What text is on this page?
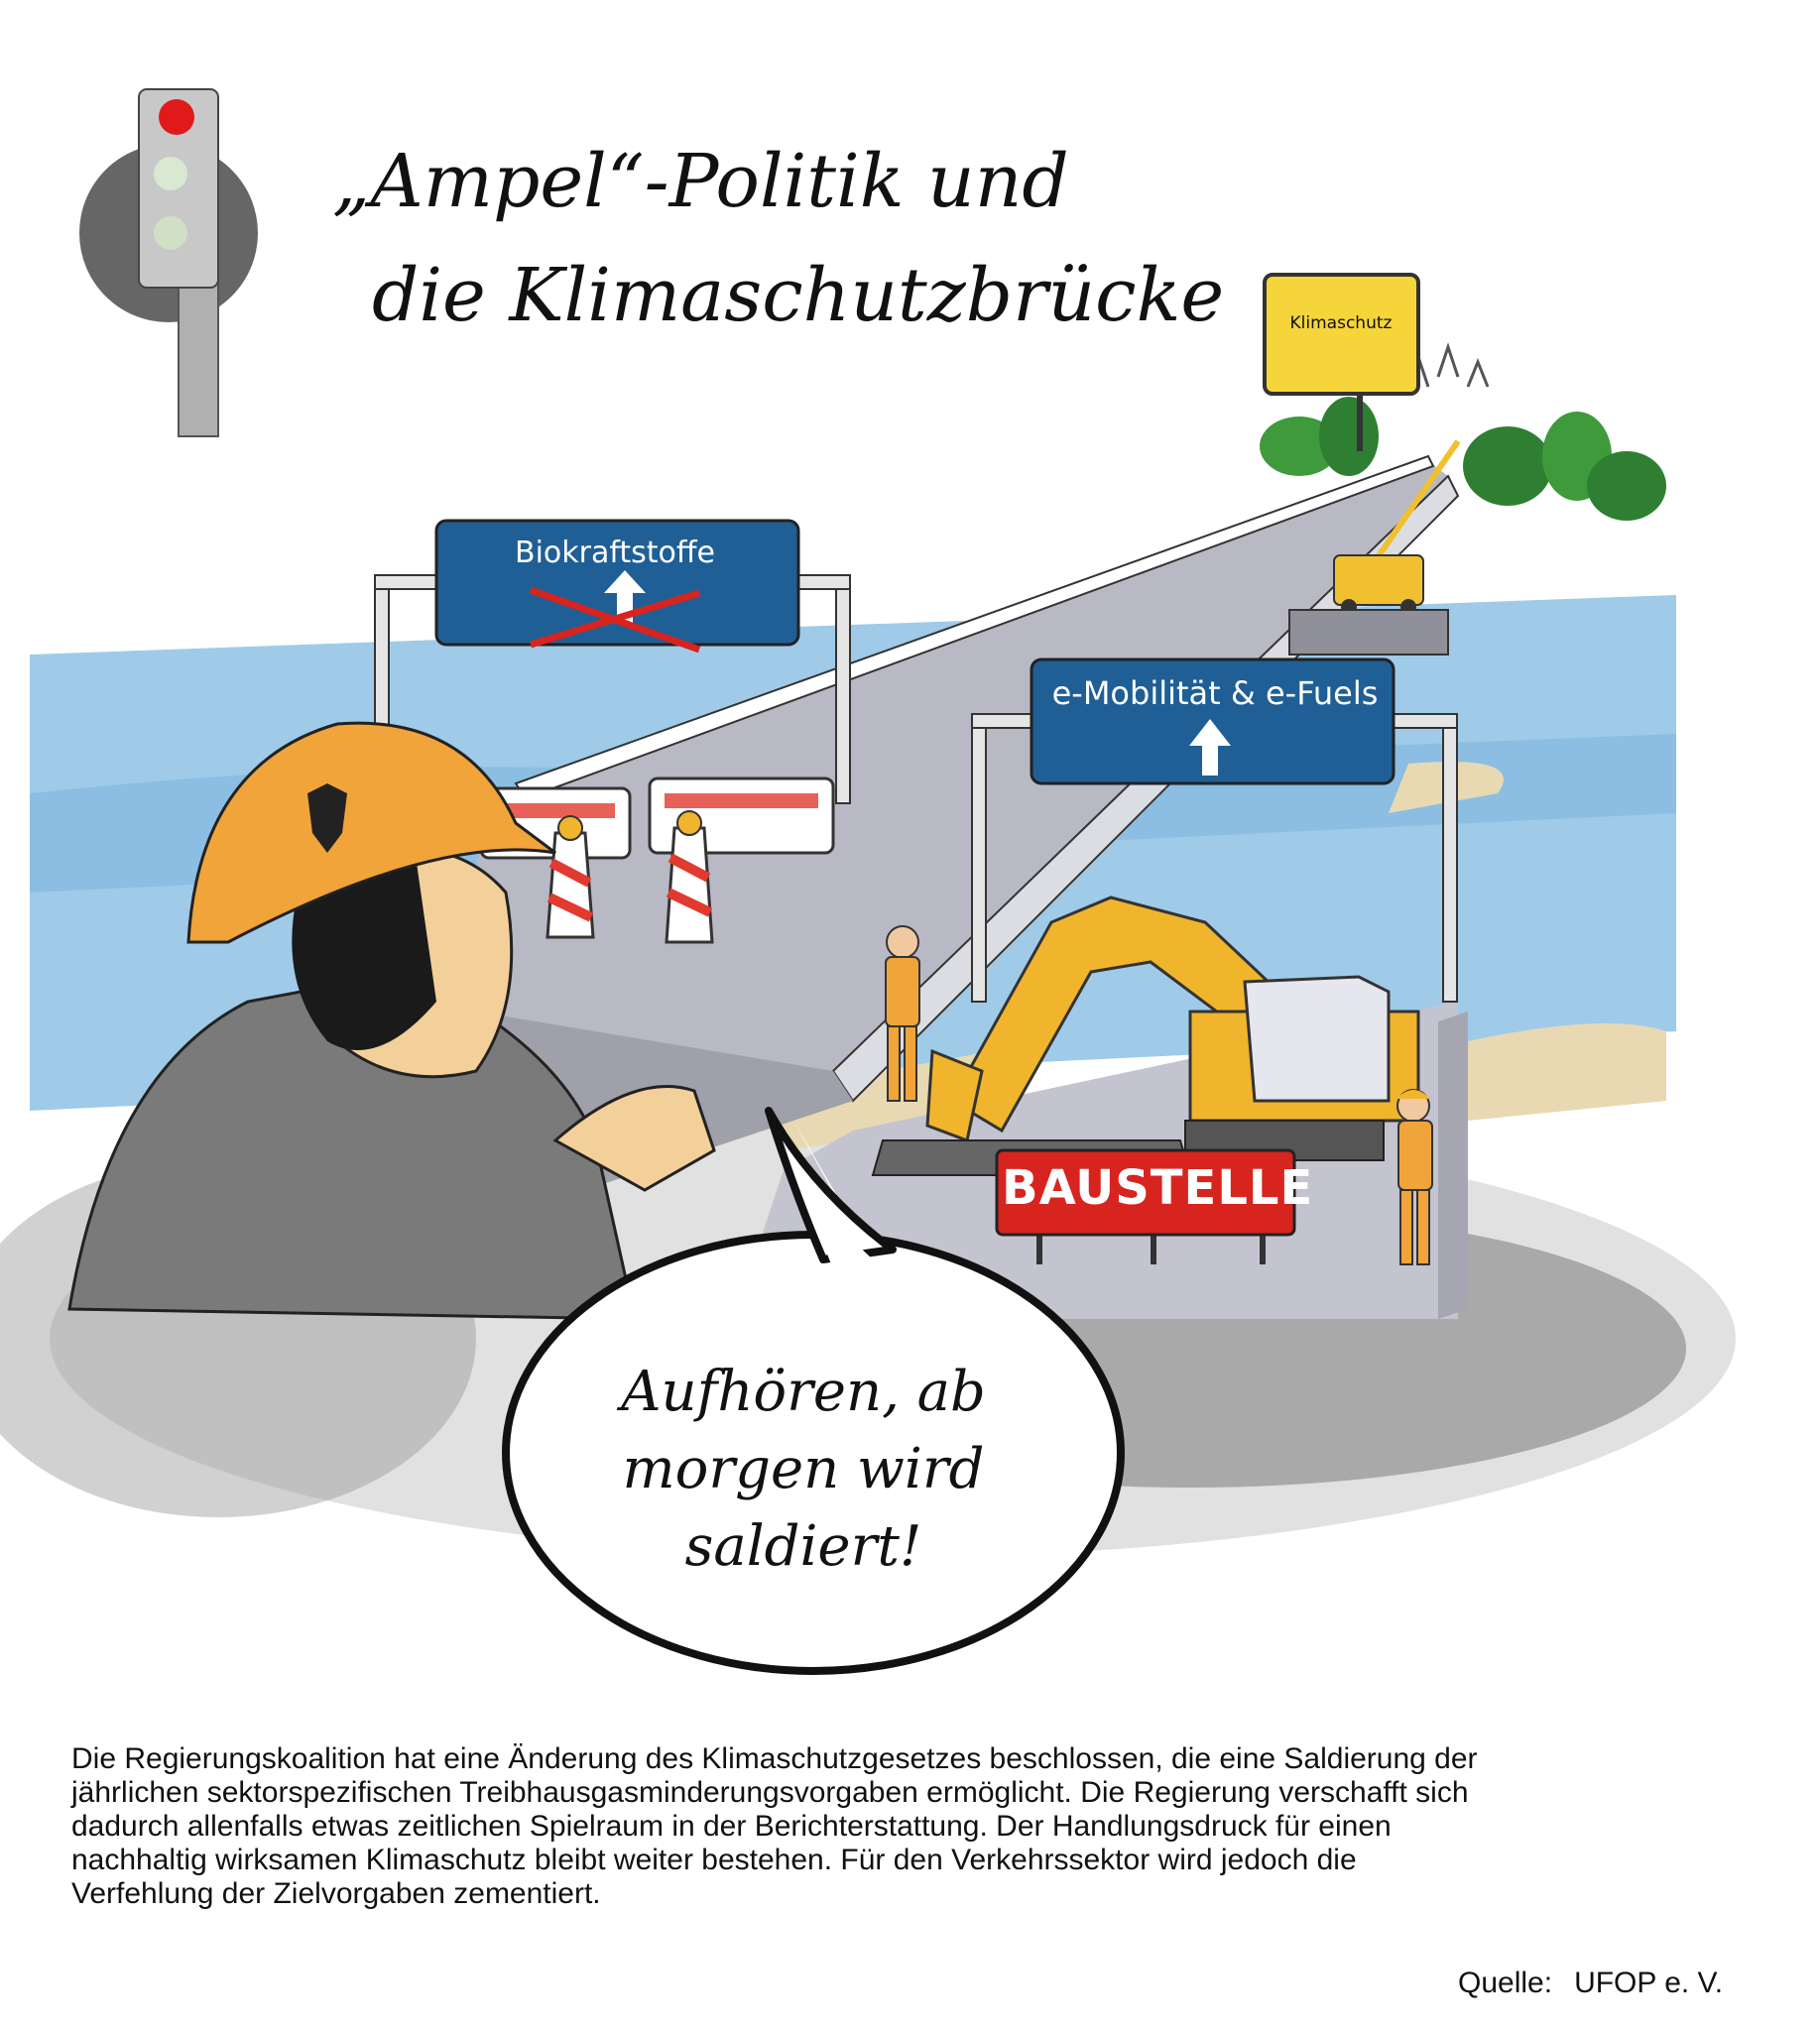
„Ampel“-Politik und
die Klimaschutzbrücke
Biokraftstoffe
e-Mobilität & e-Fuels
Klimaschutz
BAUSTELLE
Aufhören, ab
morgen wird
saldiert!
Die Regierungskoalition hat eine Änderung des Klimaschutzgesetzes beschlossen, die eine Saldierung der jährlichen sektorspezifischen Treibhausgasminderungsvorgaben ermöglicht. Die Regierung verschafft sich dadurch allenfalls etwas zeitlichen Spielraum in der Berichterstattung. Der Handlungsdruck für einen nachhaltig wirksamen Klimaschutz bleibt weiter bestehen. Für den Verkehrssektor wird jedoch die Verfehlung der Zielvorgaben zementiert.
Quelle: UFOP e. V.
